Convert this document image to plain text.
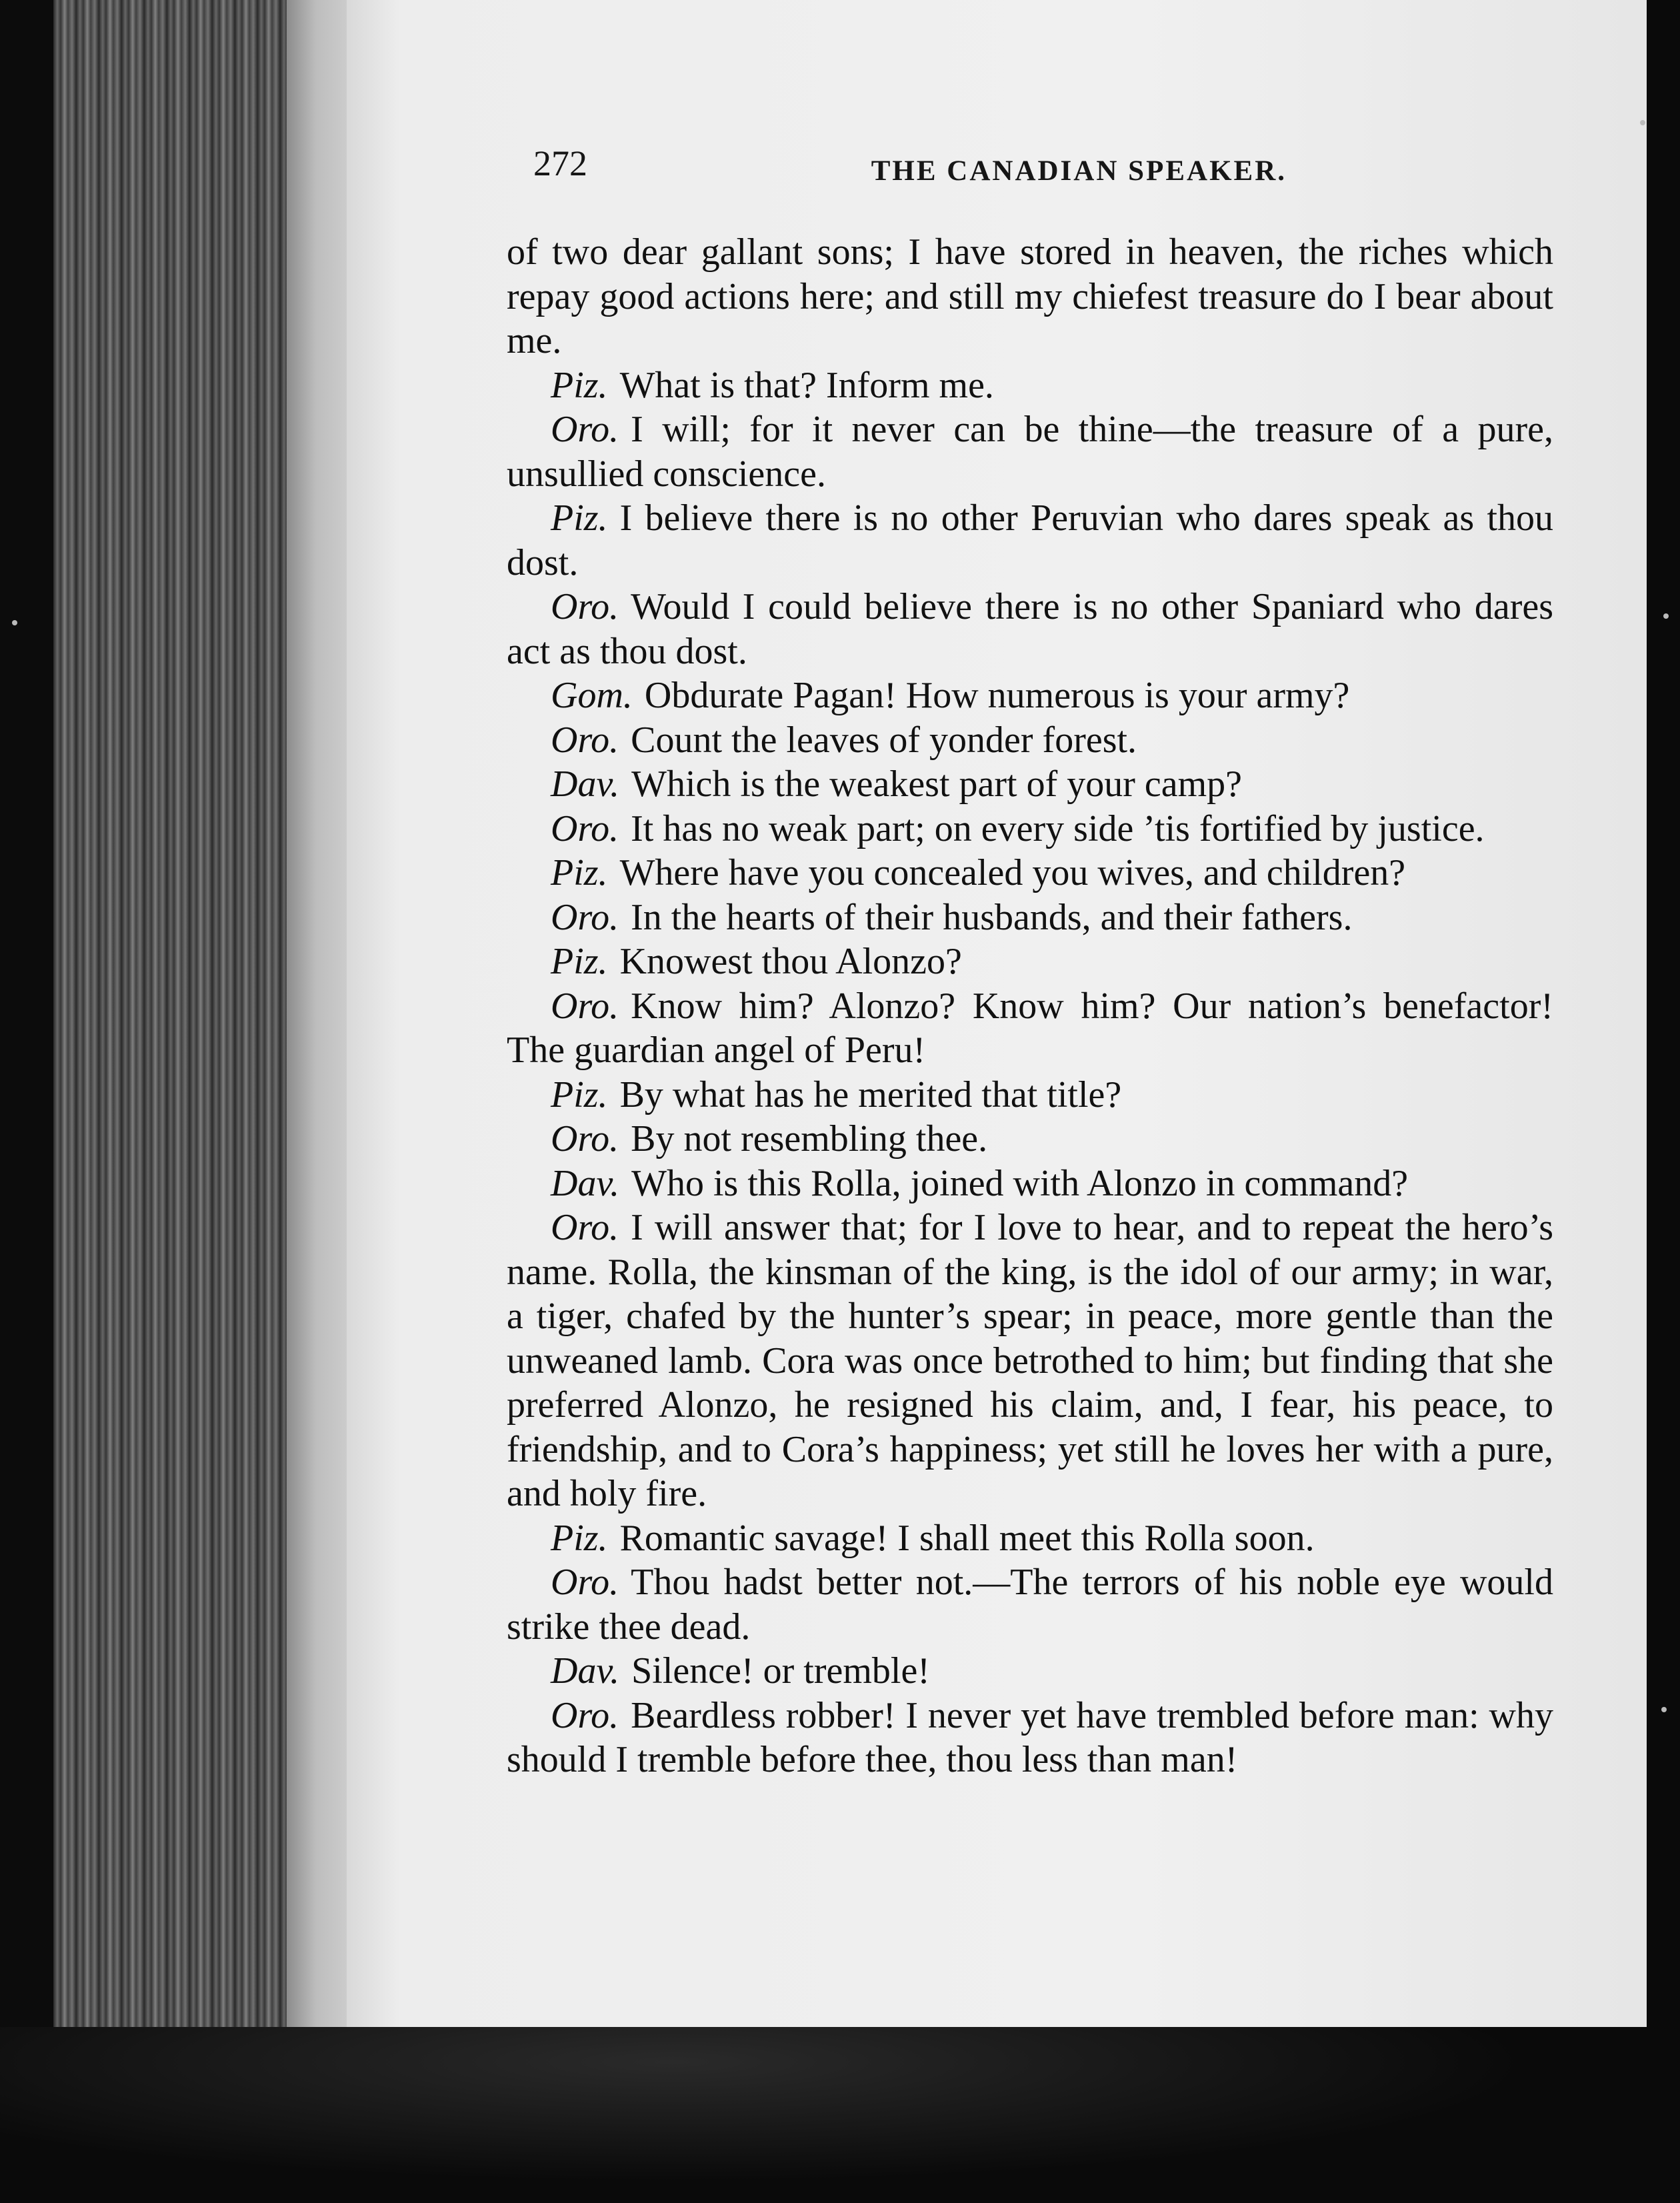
272	THE CANADIAN SPEAKER.

of two dear gallant sons; I have stored in heaven, the riches which repay good actions here; and still my chiefest treasure do I bear about me.

Piz. What is that? Inform me.

Oro. I will; for it never can be thine—the treasure of a pure, unsullied conscience.

Piz. I believe there is no other Peruvian who dares speak as thou dost.

Oro. Would I could believe there is no other Spaniard who dares act as thou dost.

Gom. Obdurate Pagan! How numerous is your army?

Oro. Count the leaves of yonder forest.

Dav. Which is the weakest part of your camp?

Oro. It has no weak part; on every side ’tis fortified by justice.

Piz. Where have you concealed you wives, and children?

Oro. In the hearts of their husbands, and their fathers.

Piz. Knowest thou Alonzo?

Oro. Know him? Alonzo? Know him? Our nation’s benefactor! The guardian angel of Peru!

Piz. By what has he merited that title?

Oro. By not resembling thee.

Dav. Who is this Rolla, joined with Alonzo in command?

Oro. I will answer that; for I love to hear, and to repeat the hero’s name. Rolla, the kinsman of the king, is the idol of our army; in war, a tiger, chafed by the hunter’s spear; in peace, more gentle than the unweaned lamb. Cora was once betrothed to him; but finding that she preferred Alonzo, he resigned his claim, and, I fear, his peace, to friendship, and to Cora’s happiness; yet still he loves her with a pure, and holy fire.

Piz. Romantic savage! I shall meet this Rolla soon.

Oro. Thou hadst better not.—The terrors of his noble eye would strike thee dead.

Dav. Silence! or tremble!

Oro. Beardless robber! I never yet have trembled before man: why should I tremble before thee, thou less than man!
